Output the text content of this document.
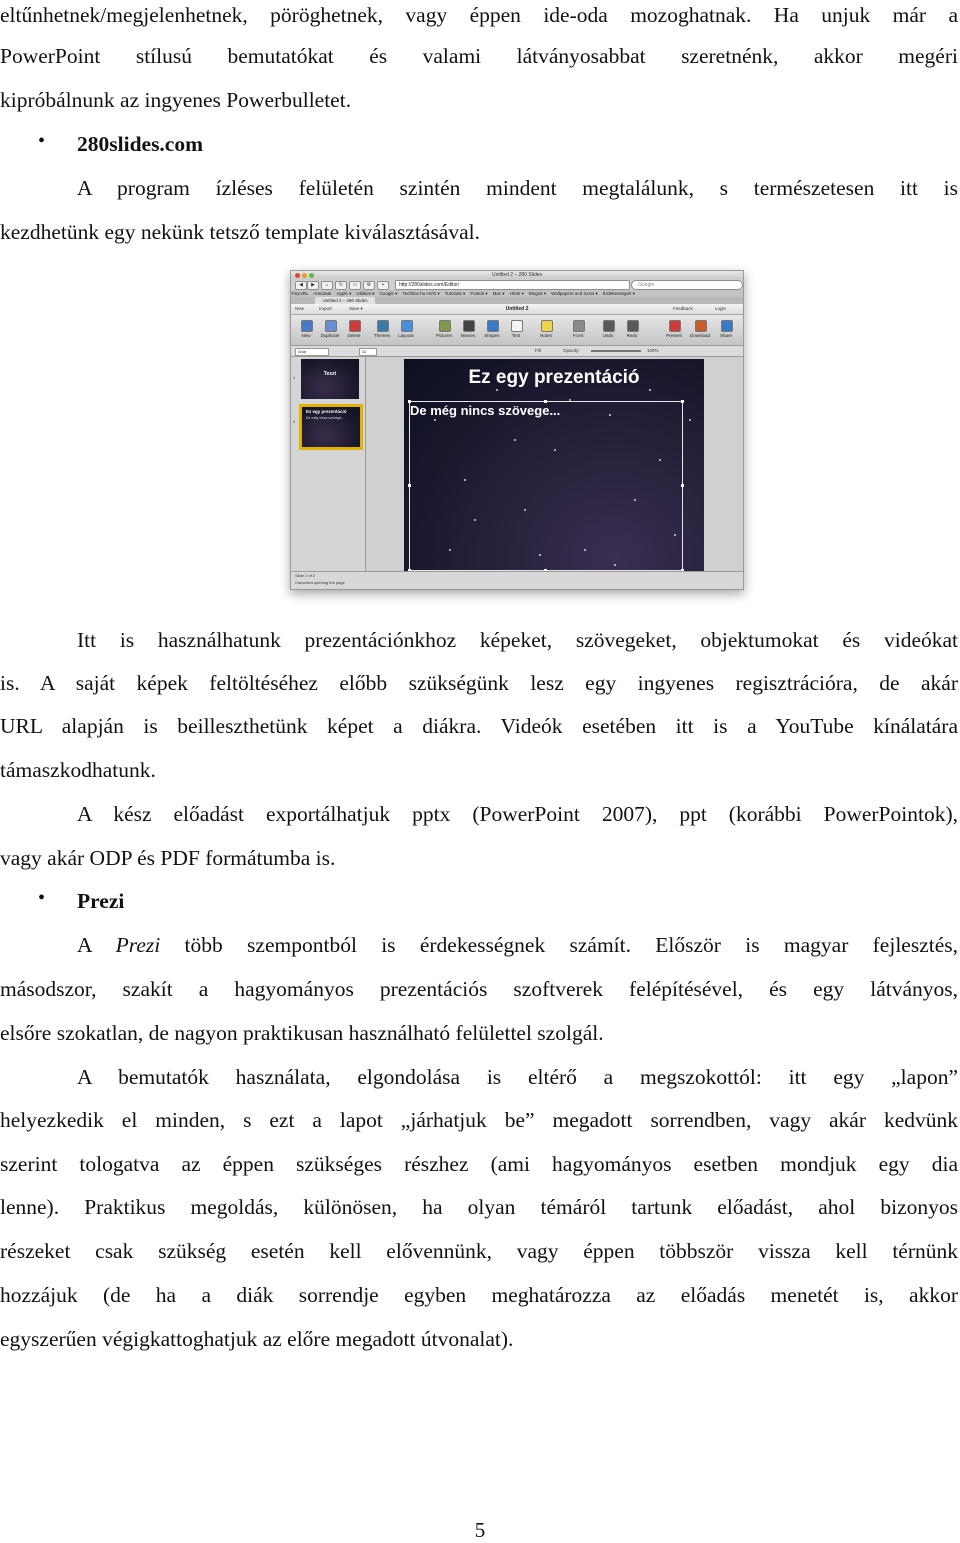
eltűnhetnek/megjelenhetnek, pöröghetnek, vagy éppen ide-oda mozoghatnak. Ha unjuk már a
PowerPoint stílusú bemutatókat és valami látványosabbat szeretnénk, akkor megéri
kipróbálnunk az ingyenes Powerbulletet.
• 280slides.com
A program ízléses felületén szintén mindent megtalálunk, s természetesen itt is
kezdhetünk egy nekünk tetsző template kiválasztásával.
Untitled 2 – 280 Slides
◀	▶	⌂	↻	▭	⚙	+	http://280slides.com/Editor/	Google
TinyURL Annotate Apple ▾ Utilities ▾ Google ▾ Techline.hu HVG ▾ Tutorials ▾ Fontok ▾ Mac ▾ Hírek ▾ Blogok ▾ Wallpapers and Icons ▾ Érdekességek ▾
Untitled 2 – 280 Slides
New	Import	Save ▾	Untitled 2	Feedback	Login
New	Duplicate	Delete	Themes	Layouts	Pictures	Movies	Shapes	Text	Notes	Front	Undo	Redo	Present	Download	Share
Arial	32	Fill	Opacity:	100%
1
Teszt
2
Ez egy prezentáció
De még nincs szövege...
Ez egy prezentáció
De még nincs szövege...
Slide 2 of 2
Cancelled opening the page
Itt is használhatunk prezentációnkhoz képeket, szövegeket, objektumokat és videókat
is. A saját képek feltöltéséhez előbb szükségünk lesz egy ingyenes regisztrációra, de akár
URL alapján is beilleszthetünk képet a diákra. Videók esetében itt is a YouTube kínálatára
támaszkodhatunk.
A kész előadást exportálhatjuk pptx (PowerPoint 2007), ppt (korábbi PowerPointok),
vagy akár ODP és PDF formátumba is.
• Prezi
A Prezi több szempontból is érdekességnek számít. Először is magyar fejlesztés,
másodszor, szakít a hagyományos prezentációs szoftverek felépítésével, és egy látványos,
elsőre szokatlan, de nagyon praktikusan használható felülettel szolgál.
A bemutatók használata, elgondolása is eltérő a megszokottól: itt egy „lapon”
helyezkedik el minden, s ezt a lapot „járhatjuk be” megadott sorrendben, vagy akár kedvünk
szerint tologatva az éppen szükséges részhez (ami hagyományos esetben mondjuk egy dia
lenne). Praktikus megoldás, különösen, ha olyan témáról tartunk előadást, ahol bizonyos
részeket csak szükség esetén kell elővennünk, vagy éppen többször vissza kell térnünk
hozzájuk (de ha a diák sorrendje egyben meghatározza az előadás menetét is, akkor
egyszerűen végigkattoghatjuk az előre megadott útvonalat).
5
